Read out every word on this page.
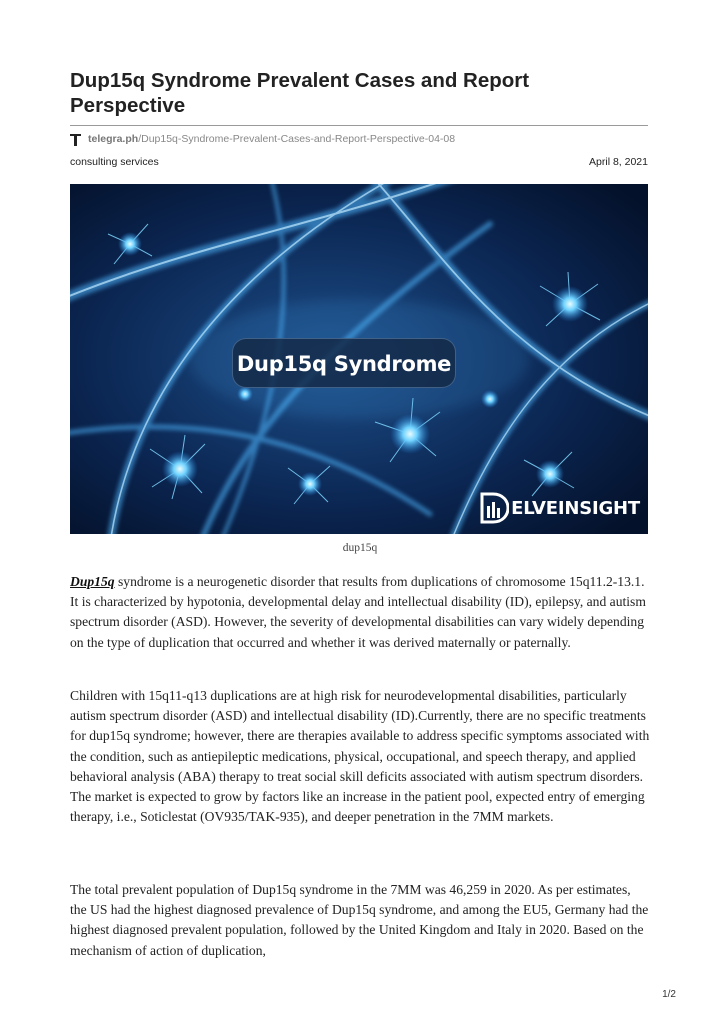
Dup15q Syndrome Prevalent Cases and Report Perspective
telegra.ph /Dup15q-Syndrome-Prevalent-Cases-and-Report-Perspective-04-08
consulting services	April 8, 2021
Dup15q Syndrome
ELVEINSIGHT
dup15q

Dup15q syndrome is a neurogenetic disorder that results from duplications of chromosome 15q11.2-13.1. It is characterized by hypotonia, developmental delay and intellectual disability (ID), epilepsy, and autism spectrum disorder (ASD). However, the severity of developmental disabilities can vary widely depending on the type of duplication that occurred and whether it was derived maternally or paternally.

Children with 15q11-q13 duplications are at high risk for neurodevelopmental disabilities, particularly autism spectrum disorder (ASD) and intellectual disability (ID).Currently, there are no specific treatments for dup15q syndrome; however, there are therapies available to address specific symptoms associated with the condition, such as antiepileptic medications, physical, occupational, and speech therapy, and applied behavioral analysis (ABA) therapy to treat social skill deficits associated with autism spectrum disorders. The market is expected to grow by factors like an increase in the patient pool, expected entry of emerging therapy, i.e., Soticlestat (OV935/TAK-935), and deeper penetration in the 7MM markets.

The total prevalent population of Dup15q syndrome in the 7MM was 46,259 in 2020. As per estimates, the US had the highest diagnosed prevalence of Dup15q syndrome, and among the EU5, Germany had the highest diagnosed prevalent population, followed by the United Kingdom and Italy in 2020. Based on the mechanism of action of duplication,

1/2
